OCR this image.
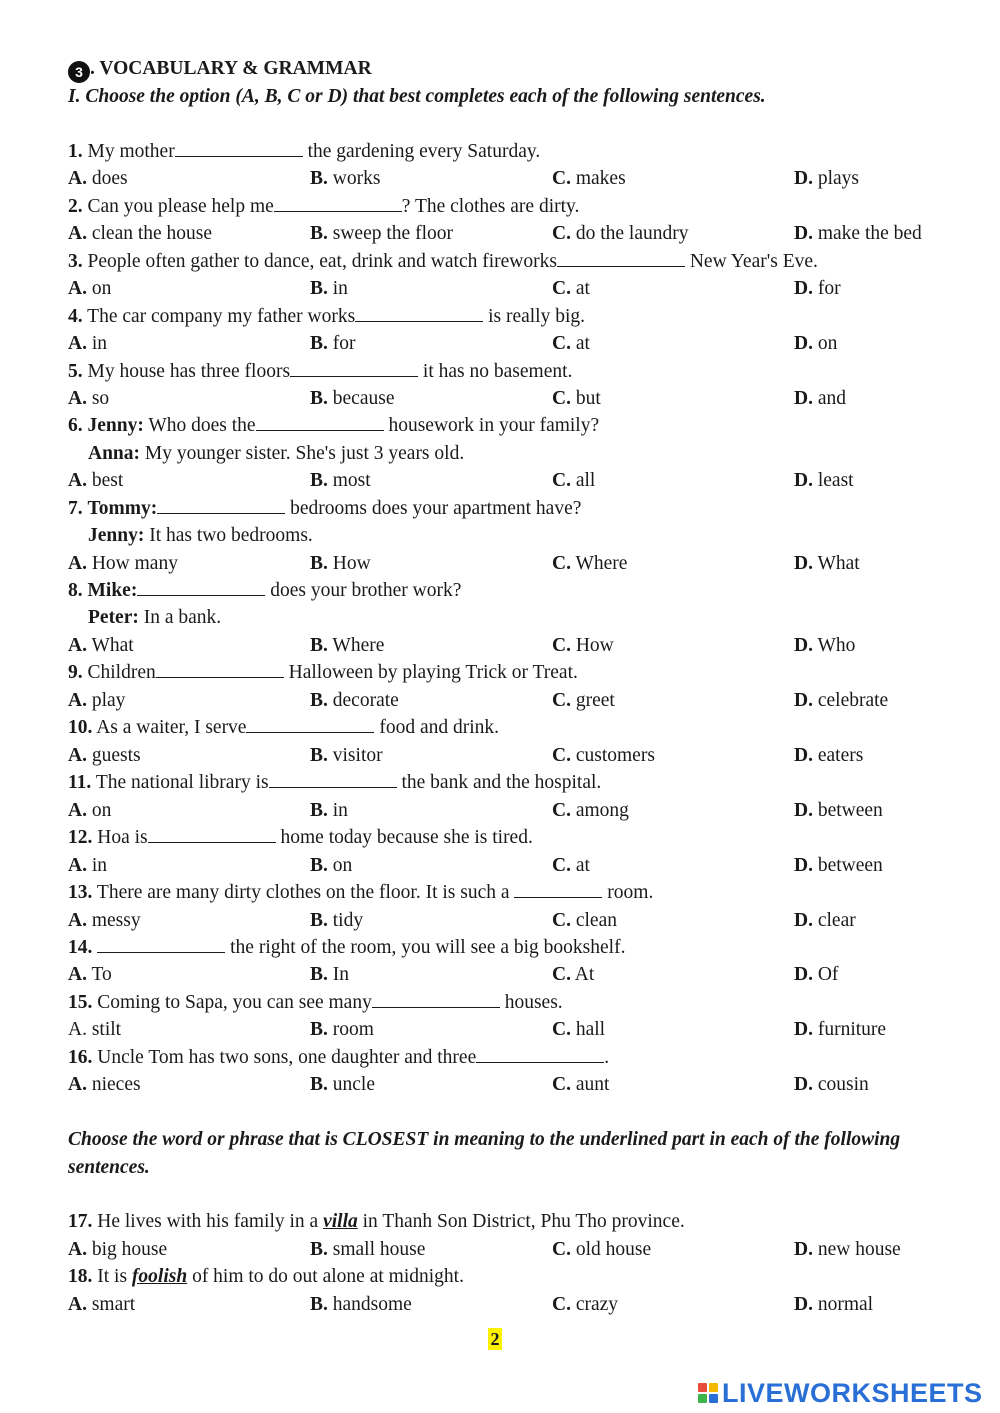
3 . VOCABULARY & GRAMMAR
I. Choose the option (A, B, C or D) that best completes each of the following sentences.
1. My mother	the gardening every Saturday.
A. does	B. works	C. makes	D. plays
2. Can you please help me	? The clothes are dirty.
A. clean the house	B. sweep the floor	C. do the laundry	D. make the bed
3. People often gather to dance, eat, drink and watch fireworks	New Year's Eve.
A. on	B. in	C. at	D. for
4. The car company my father works	is really big.
A. in	B. for	C. at	D. on
5. My house has three floors	it has no basement.
A. so	B. because	C. but	D. and
6. Jenny: Who does the	housework in your family?
Anna: My younger sister. She's just 3 years old.
A. best	B. most	C. all	D. least
7. Tommy:	bedrooms does your apartment have?
Jenny: It has two bedrooms.
A. How many	B. How	C. Where	D. What
8. Mike:	does your brother work?
Peter: In a bank.
A. What	B. Where	C. How	D. Who
9. Children	Halloween by playing Trick or Treat.
A. play	B. decorate	C. greet	D. celebrate
10. As a waiter, I serve	food and drink.
A. guests	B. visitor	C. customers	D. eaters
11. The national library is	the bank and the hospital.
A. on	B. in	C. among	D. between
12. Hoa is	home today because she is tired.
A. in	B. on	C. at	D. between
13. There are many dirty clothes on the floor. It is such a	room.
A. messy	B. tidy	C. clean	D. clear
14.	the right of the room, you will see a big bookshelf.
A. To	B. In	C. At	D. Of
15. Coming to Sapa, you can see many	houses.
A. stilt	B. room	C. hall	D. furniture
16. Uncle Tom has two sons, one daughter and three	.
A. nieces	B. uncle	C. aunt	D. cousin
Choose the word or phrase that is CLOSEST in meaning to the underlined part in each of the following sentences.
17. He lives with his family in a villa in Thanh Son District, Phu Tho province.
A. big house	B. small house	C. old house	D. new house
18. It is foolish of him to do out alone at midnight.
A. smart	B. handsome	C. crazy	D. normal
2
LIVEWORKSHEETS
